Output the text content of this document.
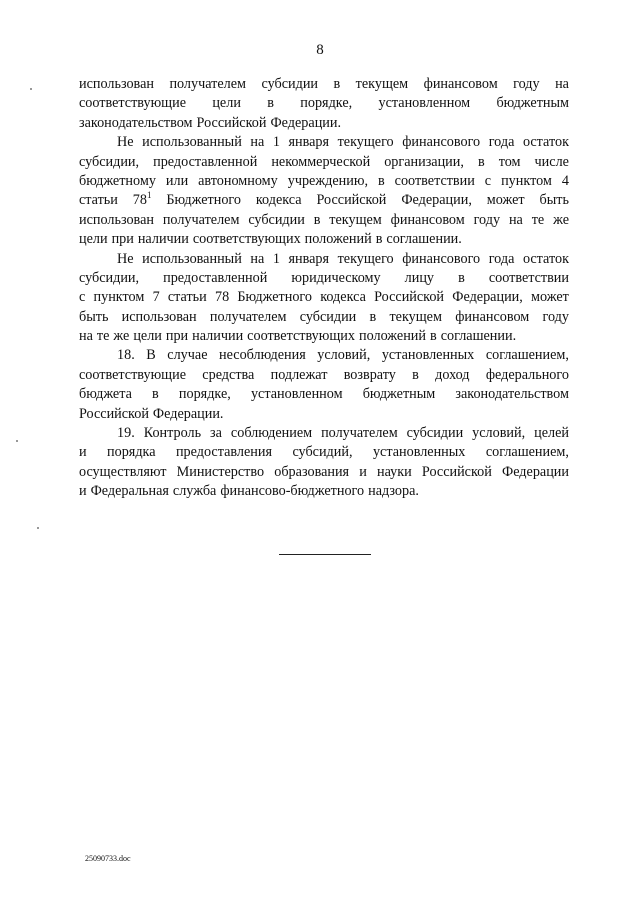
8
использован получателем субсидии в текущем финансовом году на
соответствующие цели в порядке, установленном бюджетным
законодательством Российской Федерации.
Не использованный на 1 января текущего финансового года остаток
субсидии, предоставленной некоммерческой организации, в том числе
бюджетному или автономному учреждению, в соответствии с пунктом 4
статьи $78^1$ Бюджетного кодекса Российской Федерации, может быть
использован получателем субсидии в текущем финансовом году на те же
цели при наличии соответствующих положений в соглашении.
Не использованный на 1 января текущего финансового года остаток
субсидии, предоставленной юридическому лицу в соответствии
с пунктом 7 статьи 78 Бюджетного кодекса Российской Федерации, может
быть использован получателем субсидии в текущем финансовом году
на те же цели при наличии соответствующих положений в соглашении.
18. В случае несоблюдения условий, установленных соглашением,
соответствующие средства подлежат возврату в доход федерального
бюджета в порядке, установленном бюджетным законодательством
Российской Федерации.
19. Контроль за соблюдением получателем субсидии условий, целей
и порядка предоставления субсидий, установленных соглашением,
осуществляют Министерство образования и науки Российской Федерации
и Федеральная служба финансово-бюджетного надзора.
25090733.doc
